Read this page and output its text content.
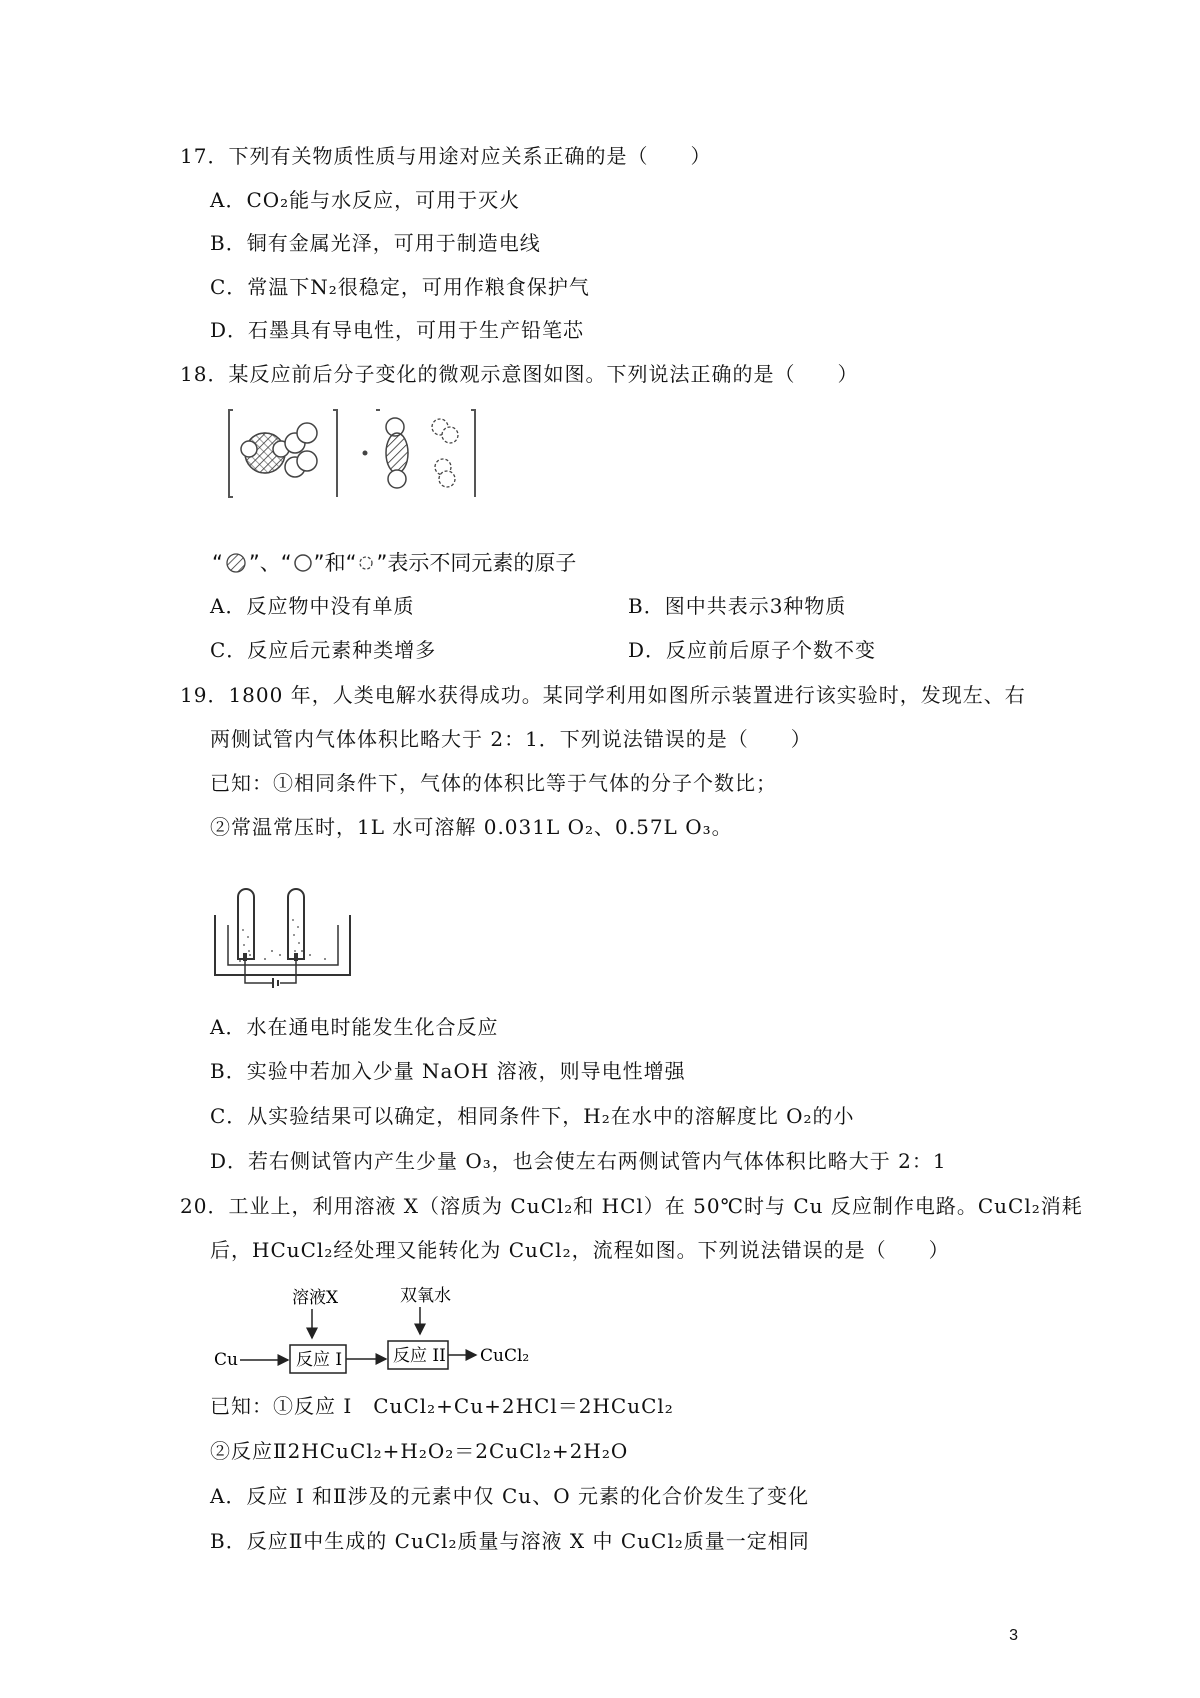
17．下列有关物质性质与用途对应关系正确的是（　　）
A．CO₂能与水反应，可用于灭火
B．铜有金属光泽，可用于制造电线
C．常温下N₂很稳定，可用作粮食保护气
D．石墨具有导电性，可用于生产铅笔芯
18．某反应前后分子变化的微观示意图如图。下列说法正确的是（　　）
“ ” 、 “ ” 和 “ ” 表示不同元素的原子
A．反应物中没有单质	B．图中共表示3种物质
C．反应后元素种类增多	D．反应前后原子个数不变
19．1800 年，人类电解水获得成功。某同学利用如图所示装置进行该实验时，发现左、右
两侧试管内气体体积比略大于 2：1．下列说法错误的是（　　）
已知：①相同条件下，气体的体积比等于气体的分子个数比；
②常温常压时，1L 水可溶解 0.031L O₂、0.57L O₃。
A．水在通电时能发生化合反应
B．实验中若加入少量 NaOH 溶液，则导电性增强
C．从实验结果可以确定，相同条件下，H₂在水中的溶解度比 O₂的小
D．若右侧试管内产生少量 O₃，也会使左右两侧试管内气体体积比略大于 2：1
20．工业上，利用溶液 X（溶质为 CuCl₂和 HCl）在 50℃时与 Cu 反应制作电路。CuCl₂消耗
后，HCuCl₂经处理又能转化为 CuCl₂，流程如图。下列说法错误的是（　　）
溶液X	双氧水
Cu	反应 I	反应 II CuCl₂
已知：①反应 I　CuCl₂+Cu+2HCl＝2HCuCl₂
②反应Ⅱ2HCuCl₂+H₂O₂＝2CuCl₂+2H₂O
A．反应 I 和Ⅱ涉及的元素中仅 Cu、O 元素的化合价发生了变化
B．反应Ⅱ中生成的 CuCl₂质量与溶液 X 中 CuCl₂质量一定相同
3
